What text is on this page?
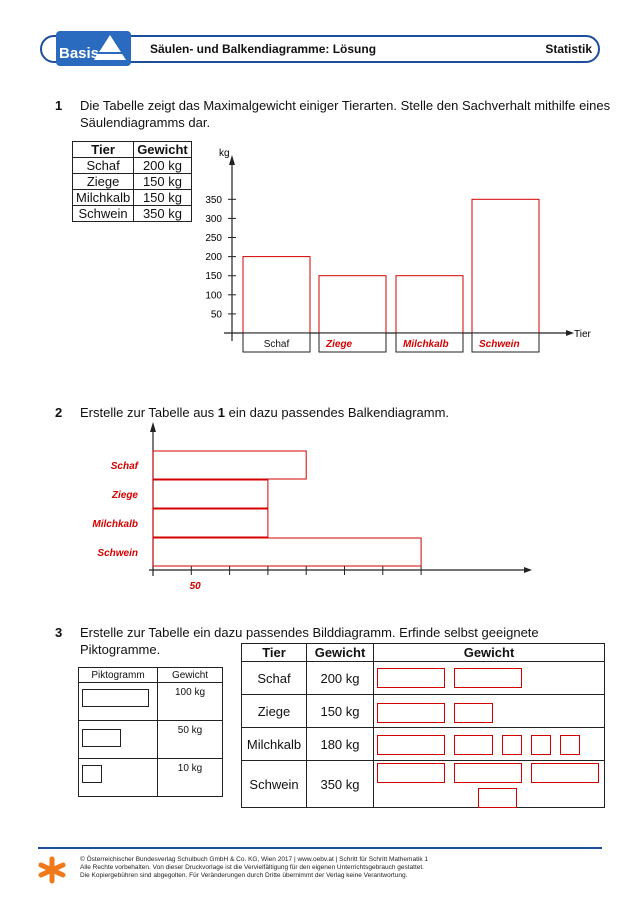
Basis	Säulen- und Balkendiagramme: Lösung	Statistik
1 Die Tabelle zeigt das Maximalgewicht einiger Tierarten. Stelle den Sachverhalt mithilfe eines
Säulendiagramms dar.
Tier	Gewicht
Schaf	200 kg
Ziege	150 kg
Milchkalb	150 kg
Schwein	350 kg
kg
Tier
50
100
150
200
250
300
350
Schaf	Ziege	Milchkalb	Schwein
2 Erstelle zur Tabelle aus 1 ein dazu passendes Balkendiagramm.
50
Schaf
Ziege
Milchkalb
Schwein
3 Erstelle zur Tabelle ein dazu passendes Bilddiagramm. Erfinde selbst geeignete
Piktogramme.
Piktogramm	Gewicht

	100 kg

	50 kg

	10 kg
Tier	Gewicht	Gewicht
Schaf	200 kg	

Ziege	150 kg	

Milchkalb	180 kg	

Schwein	350 kg	
© Österreichischer Bundesverlag Schulbuch GmbH & Co. KG, Wien 2017 | www.oebv.at | Schritt für Schritt Mathematik 1
Alle Rechte vorbehalten. Von dieser Druckvorlage ist die Vervielfältigung für den eigenen Unterrichtsgebrauch gestattet.
Die Kopiergebühren sind abgegolten. Für Veränderungen durch Dritte übernimmt der Verlag keine Verantwortung.
